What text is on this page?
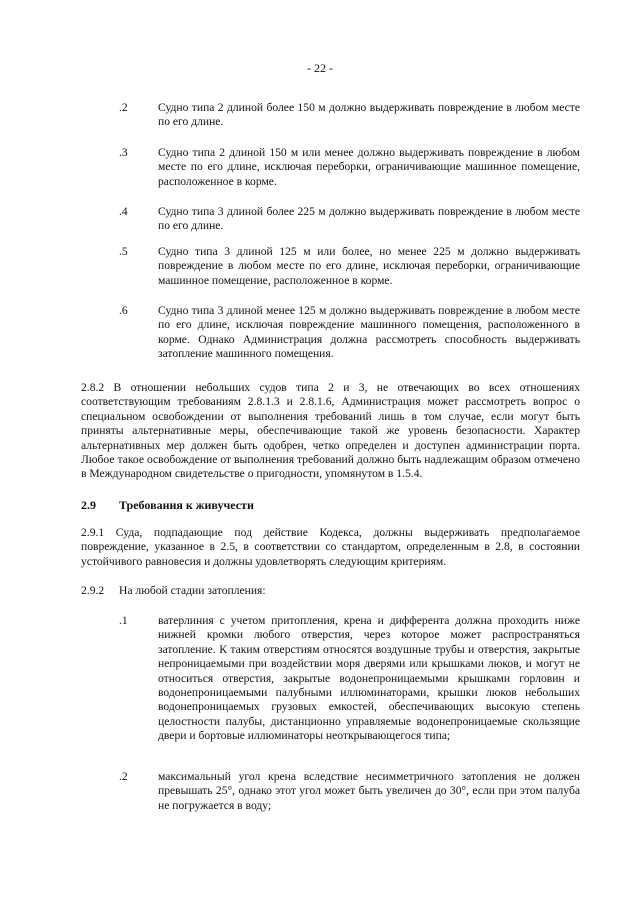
- 22 -
.2	Судно типа 2 длиной более 150 м должно выдерживать повреждение в любом месте по его длине.
.3	Судно типа 2 длиной 150 м или менее должно выдерживать повреждение в любом месте по его длине, исключая переборки, ограничивающие машинное помещение, расположенное в корме.
.4	Судно типа 3 длиной более 225 м должно выдерживать повреждение в любом месте по его длине.
.5	Судно типа 3 длиной 125 м или более, но менее 225 м должно выдерживать повреждение в любом месте по его длине, исключая переборки, ограничивающие машинное помещение, расположенное в корме.
.6	Судно типа 3 длиной менее 125 м должно выдерживать повреждение в любом месте по его длине, исключая повреждение машинного помещения, расположенного в корме. Однако Администрация должна рассмотреть способность выдерживать затопление машинного помещения.
2.8.2 В отношении небольших судов типа 2 и 3, не отвечающих во всех отношениях соответствующим требованиям 2.8.1.3 и 2.8.1.6, Администрация может рассмотреть вопрос о специальном освобождении от выполнения требований лишь в том случае, если могут быть приняты альтернативные меры, обеспечивающие такой же уровень безопасности. Характер альтернативных мер должен быть одобрен, четко определен и доступен администрации порта. Любое такое освобождение от выполнения требований должно быть надлежащим образом отмечено в Международном свидетельстве о пригодности, упомянутом в 1.5.4.
2.9 Требования к живучести
2.9.1 Суда, подпадающие под действие Кодекса, должны выдерживать предполагаемое повреждение, указанное в 2.5, в соответствии со стандартом, определенным в 2.8, в состоянии устойчивого равновесия и должны удовлетворять следующим критериям.
2.9.2 На любой стадии затопления:
.1	ватерлиния с учетом притопления, крена и дифферента должна проходить ниже нижней кромки любого отверстия, через которое может распространяться затопление. К таким отверстиям относятся воздушные трубы и отверстия, закрытые непроницаемыми при воздействии моря дверями или крышками люков, и могут не относиться отверстия, закрытые водонепроницаемыми крышками горловин и водонепроницаемыми палубными иллюминаторами, крышки люков небольших водонепроницаемых грузовых емкостей, обеспечивающих высокую степень целостности палубы, дистанционно управляемые водонепроницаемые скользящие двери и бортовые иллюминаторы неоткрывающегося типа;
.2	максимальный угол крена вследствие несимметричного затопления не должен превышать 25°, однако этот угол может быть увеличен до 30°, если при этом палуба не погружается в воду;
